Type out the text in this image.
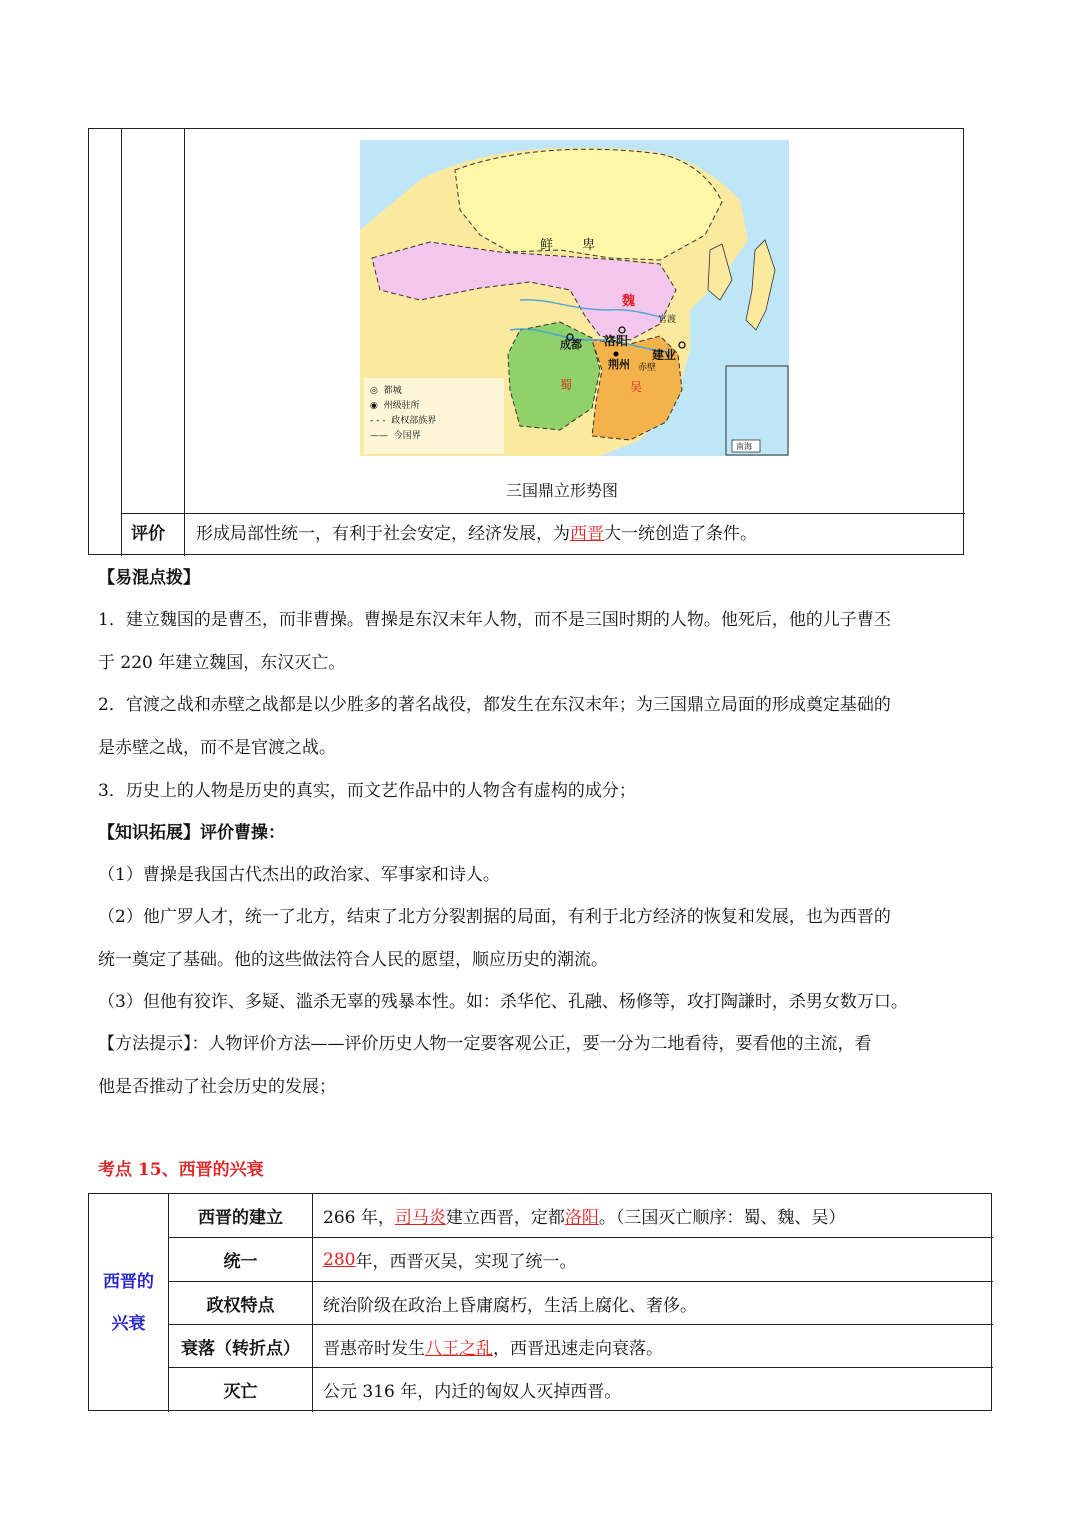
鲜 卑
魏
官渡
成都 洛阳
赤壁
建业
荆州
蜀	吴
南海
◎ 都城
◉ 州级驻所
- - - 政权部族界
—— 今国界
三国鼎立形势图
评价 形成局部性统一，有利于社会安定，经济发展，为西晋大一统创造了条件。
【易混点拨】
1．建立魏国的是曹丕，而非曹操。曹操是东汉末年人物，而不是三国时期的人物。他死后，他的儿子曹丕
于 220 年建立魏国，东汉灭亡。
2．官渡之战和赤壁之战都是以少胜多的著名战役，都发生在东汉末年；为三国鼎立局面的形成奠定基础的
是赤壁之战，而不是官渡之战。
3．历史上的人物是历史的真实，而文艺作品中的人物含有虚构的成分；
【知识拓展】评价曹操：
（1）曹操是我国古代杰出的政治家、军事家和诗人。
（2）他广罗人才，统一了北方，结束了北方分裂割据的局面，有利于北方经济的恢复和发展，也为西晋的
统一奠定了基础。他的这些做法符合人民的愿望，顺应历史的潮流。
（3）但他有狡诈、多疑、滥杀无辜的残暴本性。如：杀华佗、孔融、杨修等，攻打陶謙时，杀男女数万口。
【方法提示】：人物评价方法——评价历史人物一定要客观公正，要一分为二地看待，要看他的主流，看
他是否推动了社会历史的发展；
考点 15、西晋的兴衰
西晋的
兴衰
西晋的建立	266 年， 司马炎 建立西晋，定都 洛阳 。（三国灭亡顺序：蜀、魏、吴）
统一	280 年，西晋灭吴，实现了统一。
政权特点	统治阶级在政治上昏庸腐朽，生活上腐化、奢侈。
衰落（转折点）	晋惠帝时发生 八王之乱 ，西晋迅速走向衰落。
灭亡	公元 316 年，内迁的匈奴人灭掉西晋。
